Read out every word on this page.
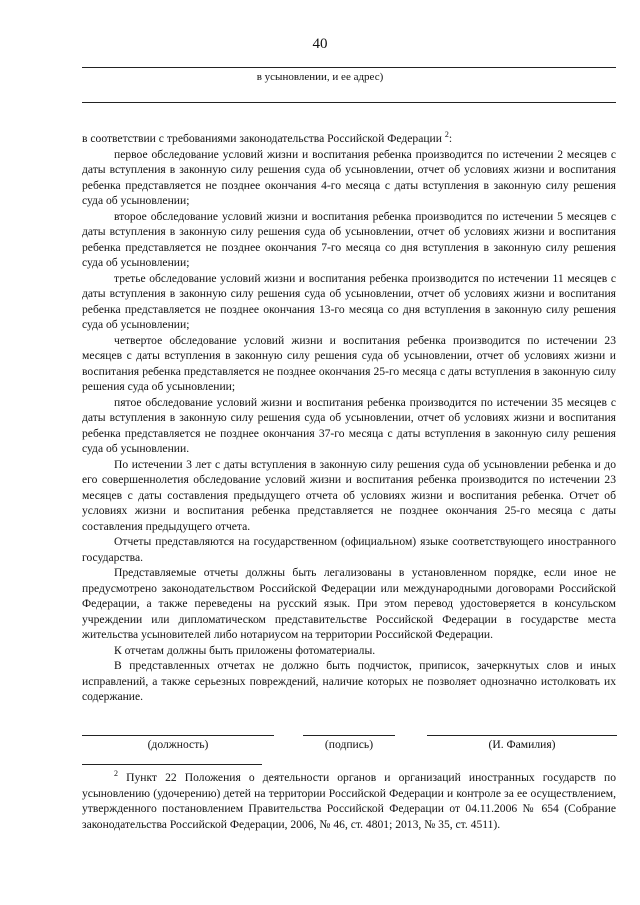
40
в усыновлении, и ее адрес)

в соответствии с требованиями законодательства Российской Федерации $^2$:

первое обследование условий жизни и воспитания ребенка производится по истечении 2 месяцев с даты вступления в законную силу решения суда об усыновлении, отчет об условиях жизни и воспитания ребенка представляется не позднее окончания 4-го месяца с даты вступления в законную силу решения суда об усыновлении;

второе обследование условий жизни и воспитания ребенка производится по истечении 5 месяцев с даты вступления в законную силу решения суда об усыновлении, отчет об условиях жизни и воспитания ребенка представляется не позднее окончания 7-го месяца со дня вступления в законную силу решения суда об усыновлении;

третье обследование условий жизни и воспитания ребенка производится по истечении 11 месяцев с даты вступления в законную силу решения суда об усыновлении, отчет об условиях жизни и воспитания ребенка представляется не позднее окончания 13-го месяца со дня вступления в законную силу решения суда об усыновлении;

четвертое обследование условий жизни и воспитания ребенка производится по истечении 23 месяцев с даты вступления в законную силу решения суда об усыновлении, отчет об условиях жизни и воспитания ребенка представляется не позднее окончания 25-го месяца с даты вступления в законную силу решения суда об усыновлении;

пятое обследование условий жизни и воспитания ребенка производится по истечении 35 месяцев с даты вступления в законную силу решения суда об усыновлении, отчет об условиях жизни и воспитания ребенка представляется не позднее окончания 37-го месяца с даты вступления в законную силу решения суда об усыновлении.

По истечении 3 лет с даты вступления в законную силу решения суда об усыновлении ребенка и до его совершеннолетия обследование условий жизни и воспитания ребенка производится по истечении 23 месяцев с даты составления предыдущего отчета об условиях жизни и воспитания ребенка. Отчет об условиях жизни и воспитания ребенка представляется не позднее окончания 25-го месяца с даты составления предыдущего отчета.

Отчеты представляются на государственном (официальном) языке соответствующего иностранного государства.

Представляемые отчеты должны быть легализованы в установленном порядке, если иное не предусмотрено законодательством Российской Федерации или международными договорами Российской Федерации, а также переведены на русский язык. При этом перевод удостоверяется в консульском учреждении или дипломатическом представительстве Российской Федерации в государстве места жительства усыновителей либо нотариусом на территории Российской Федерации.

К отчетам должны быть приложены фотоматериалы.

В представленных отчетах не должно быть подчисток, приписок, зачеркнутых слов и иных исправлений, а также серьезных повреждений, наличие которых не позволяет однозначно истолковать их содержание.

(должность)	(подпись)	(И. Фамилия)
$^2$ Пункт 22 Положения о деятельности органов и организаций иностранных государств по усыновлению (удочерению) детей на территории Российской Федерации и контроле за ее осуществлением, утвержденного постановлением Правительства Российской Федерации от 04.11.2006 № 654 (Собрание законодательства Российской Федерации, 2006, № 46, ст. 4801; 2013, № 35, ст. 4511).
